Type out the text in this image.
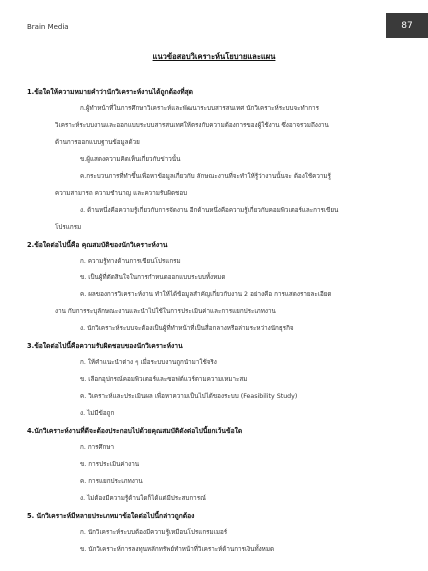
Brain Media	87
แนวข้อสอบวิเคราะห์นโยบายและแผน
1.ข้อใดให้ความหมายคำว่านักวิเคราะห์งานได้ถูกต้องที่สุด
ก.ผู้ทำหน้าที่ในการศึกษาวิเคราะห์และพัฒนาระบบสารสนเทศ นักวิเคราะห์ระบบจะทำการ
วิเคราะห์ระบบงานและออกแบบระบบสารสนเทศให้ตรงกับความต้องการของผู้ใช้งาน ซึ่งอาจรวมถึงงาน
ด้านการออกแบบฐานข้อมูลด้วย
ข.ผู้แสดงความคิดเห็นเกี่ยวกับข่าวนั้น
ค.กระบวนการที่ทำขึ้นเพื่อหาข้อมูลเกี่ยวกับ ลักษณะงานที่จะทำให้รู้ว่างานนั้นจะ ต้องใช้ความรู้
ความสามารถ ความชำนาญ และความรับผิดชอบ
ง. ด้านหนึ่งคือความรู้เกี่ยวกับการจัดงาน อีกด้านหนึ่งคือความรู้เกี่ยวกับคอมพิวเตอร์และการเขียน
โปรแกรม
2.ข้อใดต่อไปนี้คือ คุณสมบัติของนักวิเคราะห์งาน
ก. ความรู้ทางด้านการเขียนโปรแกรม
ข. เป็นผู้ที่ตัดสินใจในการกำหนดออกแบบระบบทั้งหมด
ค. ผลของการวิเคราะห์งาน ทำให้ได้ข้อมูลสำคัญเกี่ยวกับงาน 2 อย่างคือ การแสดงรายละเอียด
งาน กับการระบุลักษณะงานและนำไปใช้ในการประเมินค่าและการแยกประเภทงาน
ง. นักวิเคราะห์ระบบจะต้องเป็นผู้ที่ทำหน้าที่เป็นสื่อกลางหรือล่ามระหว่างนักธุรกิจ
3.ข้อใดต่อไปนี้คือความรับผิดชอบของนักวิเคราะห์งาน
ก. ให้คำแนะนำต่าง ๆ เมื่อระบบงานถูกนำมาใช้จริง
ข. เลือกอุปกรณ์คอมพิวเตอร์และซอฟต์แวร์ตามความเหมาะสม
ค. วิเคราะห์และประเมินผล เพื่อหาความเป็นไปได้ของระบบ (Feasibility Study)
ง. ไม่มีข้อถูก
4.นักวิเคราะห์งานที่ดีจะต้องประกอบไปด้วยคุณสมบัติดังต่อไปนี้ยกเว้นข้อใด
ก. การศึกษา
ข. การประเมินค่างาน
ค. การแยกประเภทงาน
ง. ไม่ต้องมีความรู้ด้านใดก็ได้แต่มีประสบการณ์
5. นักวิเคราะห์มีหลายประเภทมาข้อใดต่อไปนี้กล่าวถูกต้อง
ก. นักวิเคราะห์ระบบต้องมีความรู้เหมือนโปรแกรมเมอร์
ข. นักวิเคราะห์การลงทุนหลักทรัพย์ทำหน้าที่วิเคราะห์ด้านการเงินทั้งหมด
